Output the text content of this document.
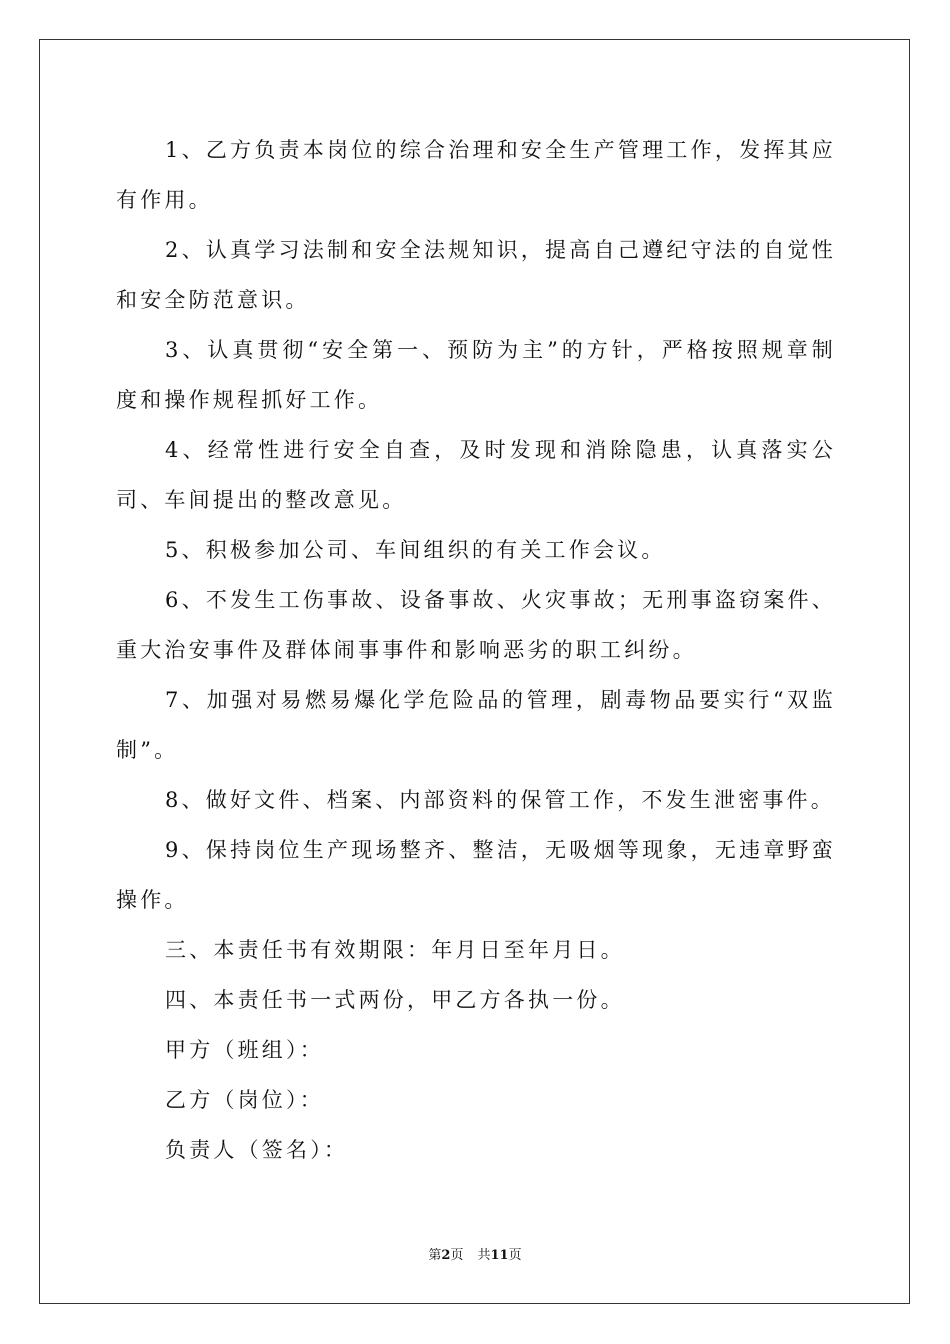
1、乙方负责本岗位的综合治理和安全生产管理工作，发挥其应有作用。

2、认真学习法制和安全法规知识，提高自己遵纪守法的自觉性和安全防范意识。

3、认真贯彻“安全第一、预防为主”的方针，严格按照规章制度和操作规程抓好工作。

4、经常性进行安全自查，及时发现和消除隐患，认真落实公司、车间提出的整改意见。

5、积极参加公司、车间组织的有关工作会议。

6、不发生工伤事故、设备事故、火灾事故；无刑事盗窃案件、重大治安事件及群体闹事事件和影响恶劣的职工纠纷。

7、加强对易燃易爆化学危险品的管理，剧毒物品要实行“双监制”。

8、做好文件、档案、内部资料的保管工作，不发生泄密事件。

9、保持岗位生产现场整齐、整洁，无吸烟等现象，无违章野蛮操作。

三、本责任书有效期限：年月日至年月日。

四、本责任书一式两份，甲乙方各执一份。

甲方（班组）：

乙方（岗位）：

负责人（签名）：

第2页 共11页
